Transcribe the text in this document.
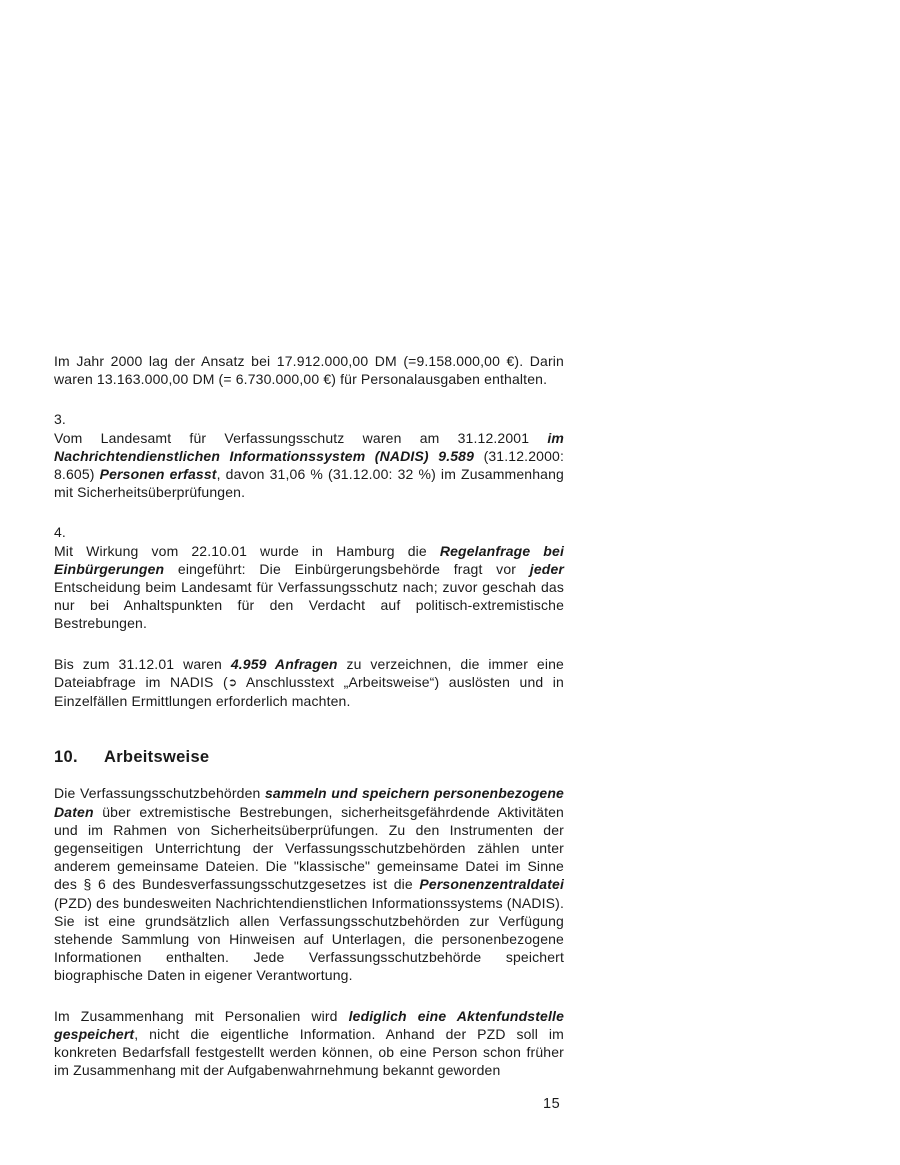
Im Jahr 2000 lag der Ansatz bei 17.912.000,00 DM (=9.158.000,00 €). Darin waren 13.163.000,00 DM (= 6.730.000,00 €) für Personalausgaben enthalten.

3.

Vom Landesamt für Verfassungsschutz waren am 31.12.2001 im Nachrichtendienstlichen Informationssystem (NADIS) 9.589 (31.12.2000: 8.605) Personen erfasst, davon 31,06 % (31.12.00: 32 %) im Zusammenhang mit Sicherheitsüberprüfungen.

4.

Mit Wirkung vom 22.10.01 wurde in Hamburg die Regelanfrage bei Einbürgerungen eingeführt: Die Einbürgerungsbehörde fragt vor jeder Entscheidung beim Landesamt für Verfassungsschutz nach; zuvor geschah das nur bei Anhaltspunkten für den Verdacht auf politisch-extremistische Bestrebungen.

Bis zum 31.12.01 waren 4.959 Anfragen zu verzeichnen, die immer eine Dateiabfrage im NADIS (➲ Anschlusstext „Arbeitsweise“) auslösten und in Einzelfällen Ermittlungen erforderlich machten.

10.	Arbeitsweise

Die Verfassungsschutzbehörden sammeln und speichern personenbezogene Daten über extremistische Bestrebungen, sicherheitsgefährdende Aktivitäten und im Rahmen von Sicherheitsüberprüfungen. Zu den Instrumenten der gegenseitigen Unterrichtung der Verfassungsschutzbehörden zählen unter anderem gemeinsame Dateien. Die "klassische" gemeinsame Datei im Sinne des § 6 des Bundesverfassungsschutzgesetzes ist die Personenzentraldatei (PZD) des bundesweiten Nachrichtendienstlichen Informationssystems (NADIS). Sie ist eine grundsätzlich allen Verfassungsschutzbehörden zur Verfügung stehende Sammlung von Hinweisen auf Unterlagen, die personenbezogene Informationen enthalten. Jede Verfassungsschutzbehörde speichert biographische Daten in eigener Verantwortung.

Im Zusammenhang mit Personalien wird lediglich eine Aktenfundstelle gespeichert, nicht die eigentliche Information. Anhand der PZD soll im konkreten Bedarfsfall festgestellt werden können, ob eine Person schon früher im Zusammenhang mit der Aufgabenwahrnehmung bekannt geworden

15
